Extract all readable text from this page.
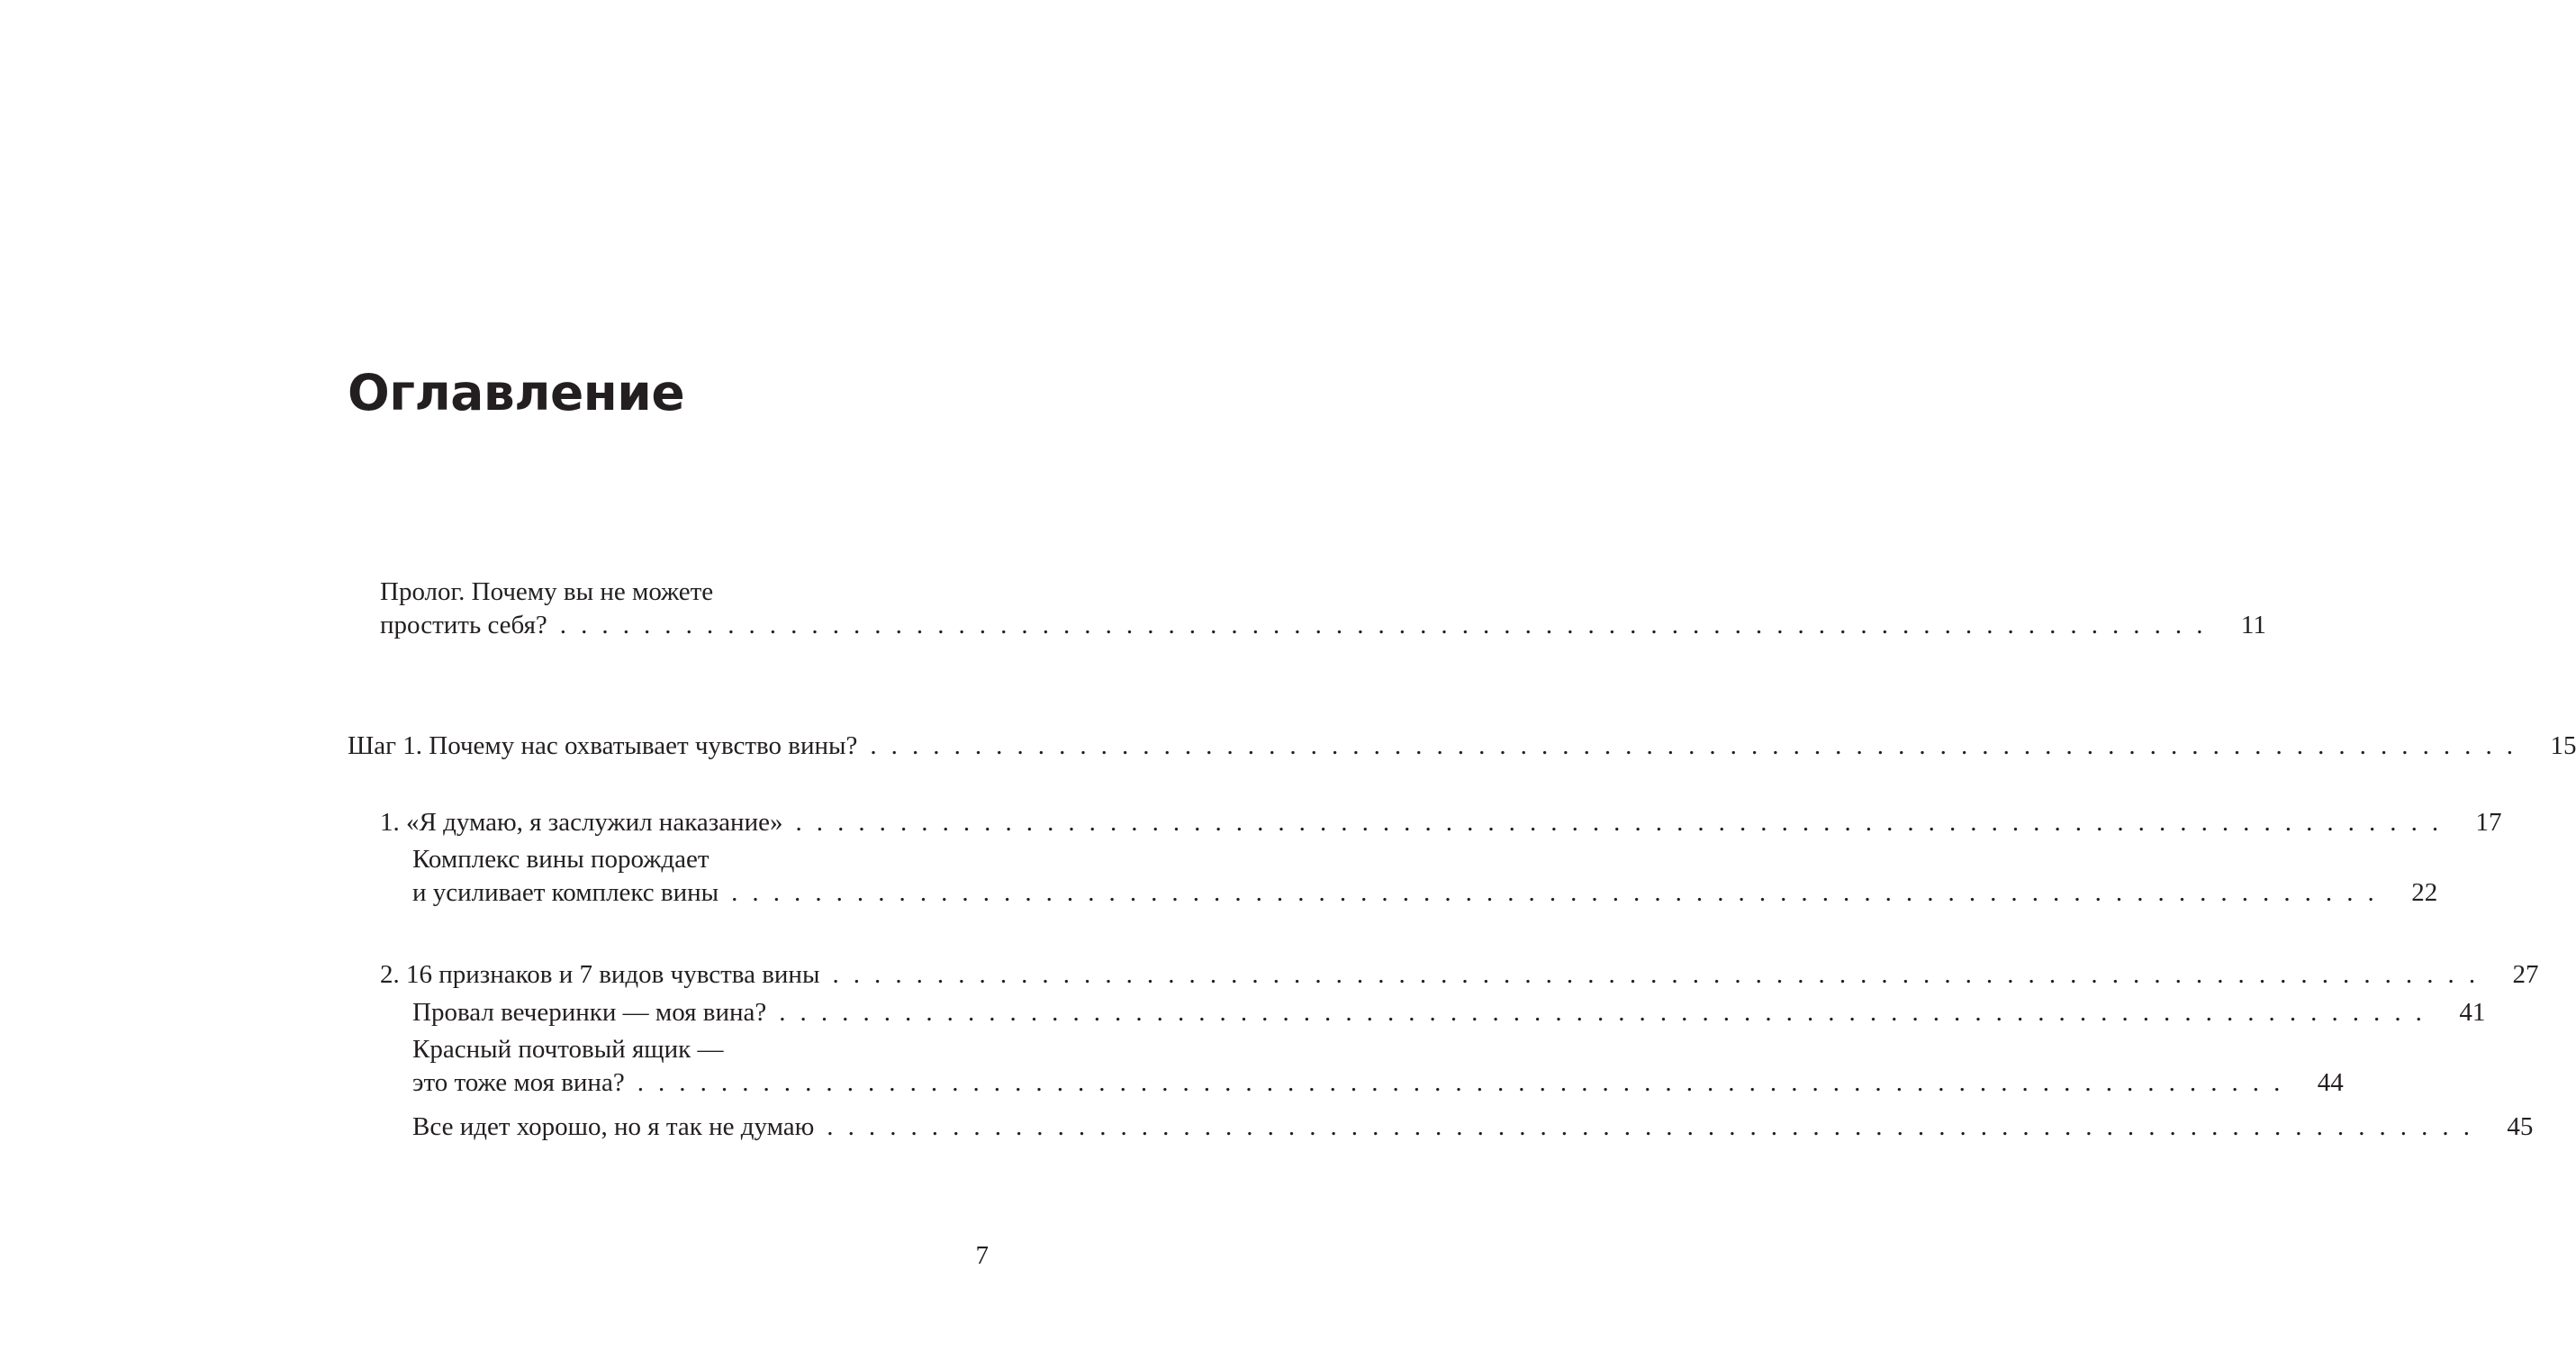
Оглавление
Пролог. Почему вы не можете
простить себя? . . . . . . . . . . . . . . . . . . . . . . . . . . . . . . . . . . . . . . . . . . . . . . . . . . . . . . . . . . . . . . . . . . . . . . . . . . . . . . .	11
Шаг 1. Почему нас охватывает чувство вины? . . . . . . . . . . . . . . . . . . . . . . . . . . . . . . . . . . . . . . . . . . . . . . . . . . . . . . . . . . . . . . . . . . . . . . . . . . . . . . .	15
1. «Я думаю, я заслужил наказание» . . . . . . . . . . . . . . . . . . . . . . . . . . . . . . . . . . . . . . . . . . . . . . . . . . . . . . . . . . . . . . . . . . . . . . . . . . . . . . .	17
Комплекс вины порождает
и усиливает комплекс вины . . . . . . . . . . . . . . . . . . . . . . . . . . . . . . . . . . . . . . . . . . . . . . . . . . . . . . . . . . . . . . . . . . . . . . . . . . . . . . .	22
2. 16 признаков и 7 видов чувства вины . . . . . . . . . . . . . . . . . . . . . . . . . . . . . . . . . . . . . . . . . . . . . . . . . . . . . . . . . . . . . . . . . . . . . . . . . . . . . . .	27
Провал вечеринки — моя вина? . . . . . . . . . . . . . . . . . . . . . . . . . . . . . . . . . . . . . . . . . . . . . . . . . . . . . . . . . . . . . . . . . . . . . . . . . . . . . . .	41
Красный почтовый ящик —
это тоже моя вина? . . . . . . . . . . . . . . . . . . . . . . . . . . . . . . . . . . . . . . . . . . . . . . . . . . . . . . . . . . . . . . . . . . . . . . . . . . . . . . .	44
Все идет хорошо, но я так не думаю . . . . . . . . . . . . . . . . . . . . . . . . . . . . . . . . . . . . . . . . . . . . . . . . . . . . . . . . . . . . . . . . . . . . . . . . . . . . . . .	45
7
